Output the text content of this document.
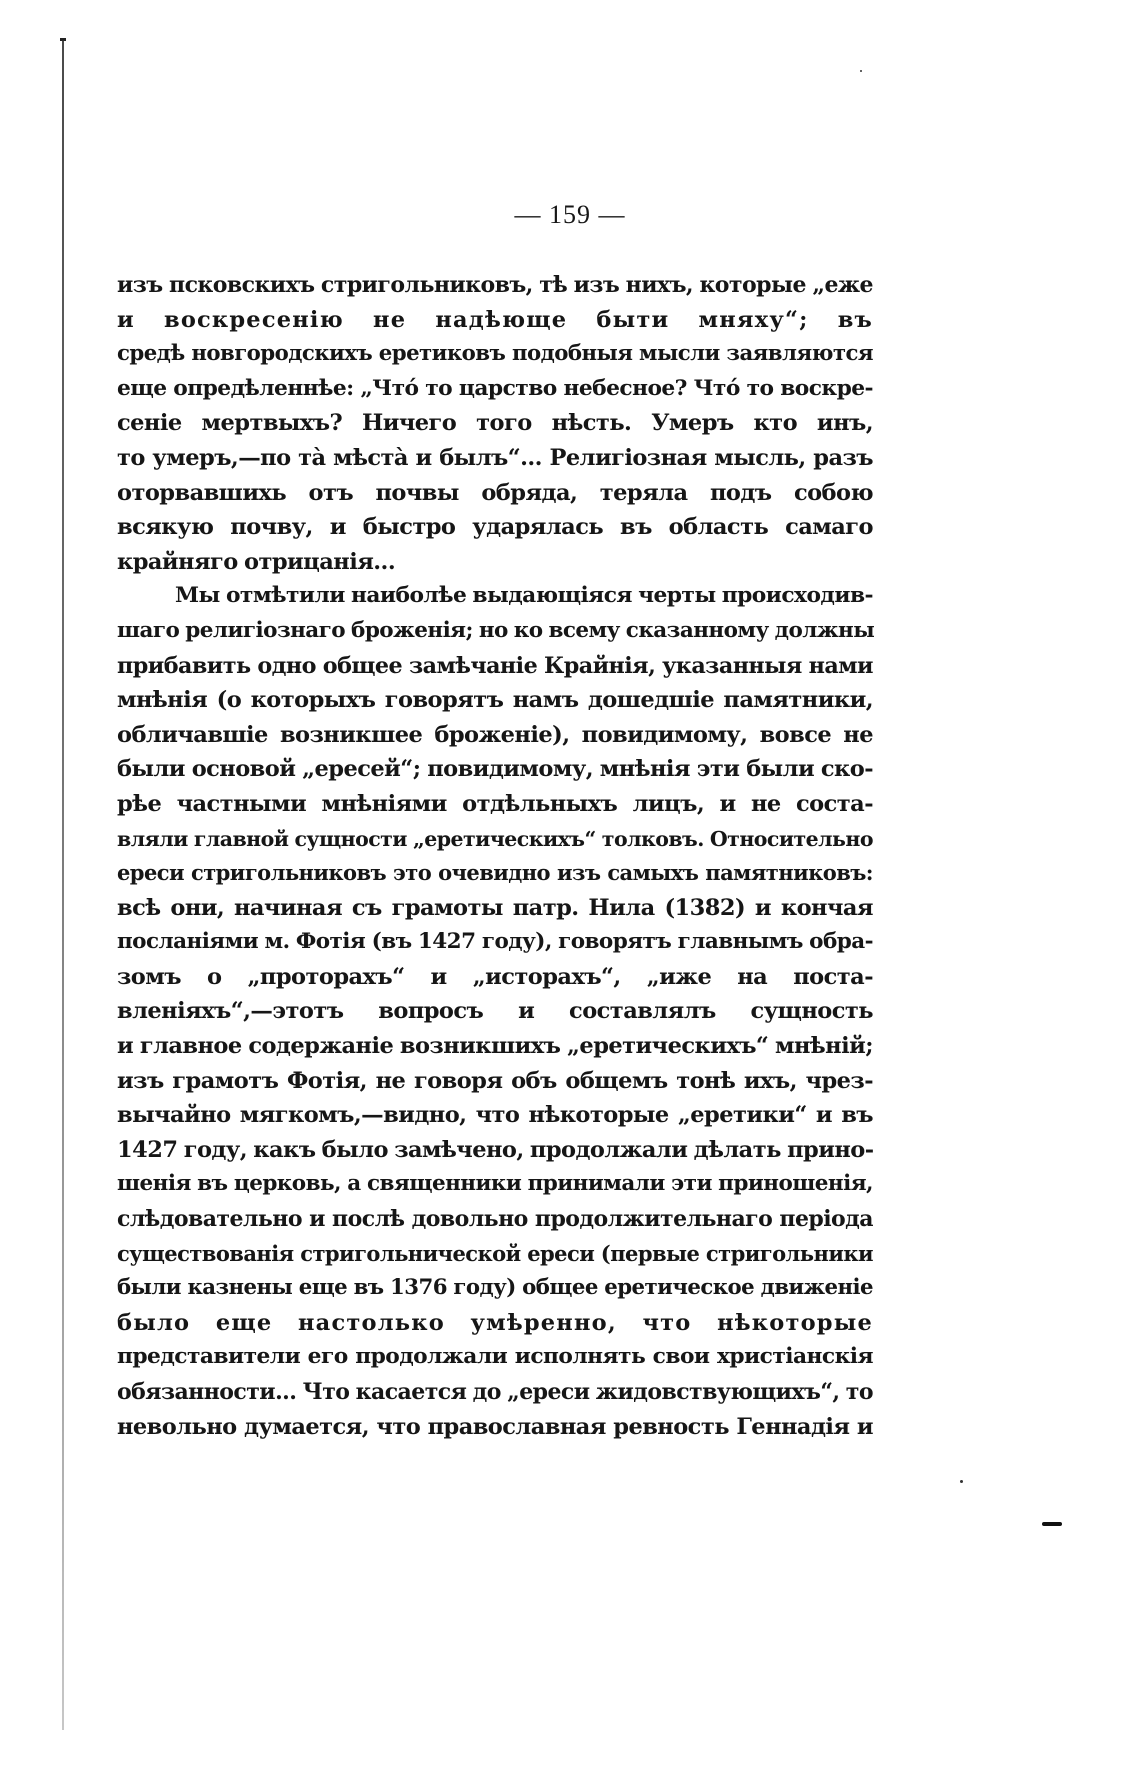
— 159 —
изъ псковскихъ стригольниковъ, тѣ изъ нихъ, которые „еже
и воскресенію не надѣюще быти мняху“; въ
средѣ новгородскихъ еретиковъ подобныя мысли заявляются
еще опредѣленнѣе: „Чтó то царство небесное? Чтó то воскре-
сеніе мертвыхъ? Ничего того нѣсть. Умеръ кто инъ,
то умеръ,—по тà мѣстà и былъ“... Религіозная мысль, разъ
оторвавшихь отъ почвы обряда, теряла подъ собою
всякую почву, и быстро ударялась въ область самаго
крайняго отрицанія...
Мы отмѣтили наиболѣе выдающіяся черты происходив-
шаго религіознаго броженія; но ко всему сказанному должны
прибавить одно общее замѣчаніе Крайнія, указанныя нами
мнѣнія (о которыхъ говорятъ намъ дошедшіе памятники,
обличавшіе возникшее броженіе), повидимому, вовсе не
были основой „ересей“; повидимому, мнѣнія эти были ско-
рѣе частными мнѣніями отдѣльныхъ лицъ, и не соста-
вляли главной сущности „еретическихъ“ толковъ. Относительно
ереси стригольниковъ это очевидно изъ самыхъ памятниковъ:
всѣ они, начиная съ грамоты патр. Нила (1382) и кончая
посланіями м. Фотія (въ 1427 году), говорятъ главнымъ обра-
зомъ о „протораxъ“ и „истораxъ“, „иже на поста-
вленіяхъ“,—этотъ вопросъ и составлялъ сущность
и главное содержаніе возникшихъ „еретическихъ“ мнѣній;
изъ грамотъ Фотія, не говоря объ общемъ тонѣ ихъ, чрез-
вычайно мягкомъ,—видно, что нѣкоторые „еретики“ и въ
1427 году, какъ было замѣчено, продолжали дѣлать прино-
шенія въ церковь, а священники принимали эти приношенія,
слѣдовательно и послѣ довольно продолжительнаго періода
существованія стригольнической ереси (первые стригольники
были казнены еще въ 1376 году) общее еретическое движеніе
было еще настолько умѣренно, что нѣкоторые
представители его продолжали исполнять свои христіанскія
обязанности... Что касается до „ереси жидовствующихъ“, то
невольно думается, что православная ревность Геннадія и
